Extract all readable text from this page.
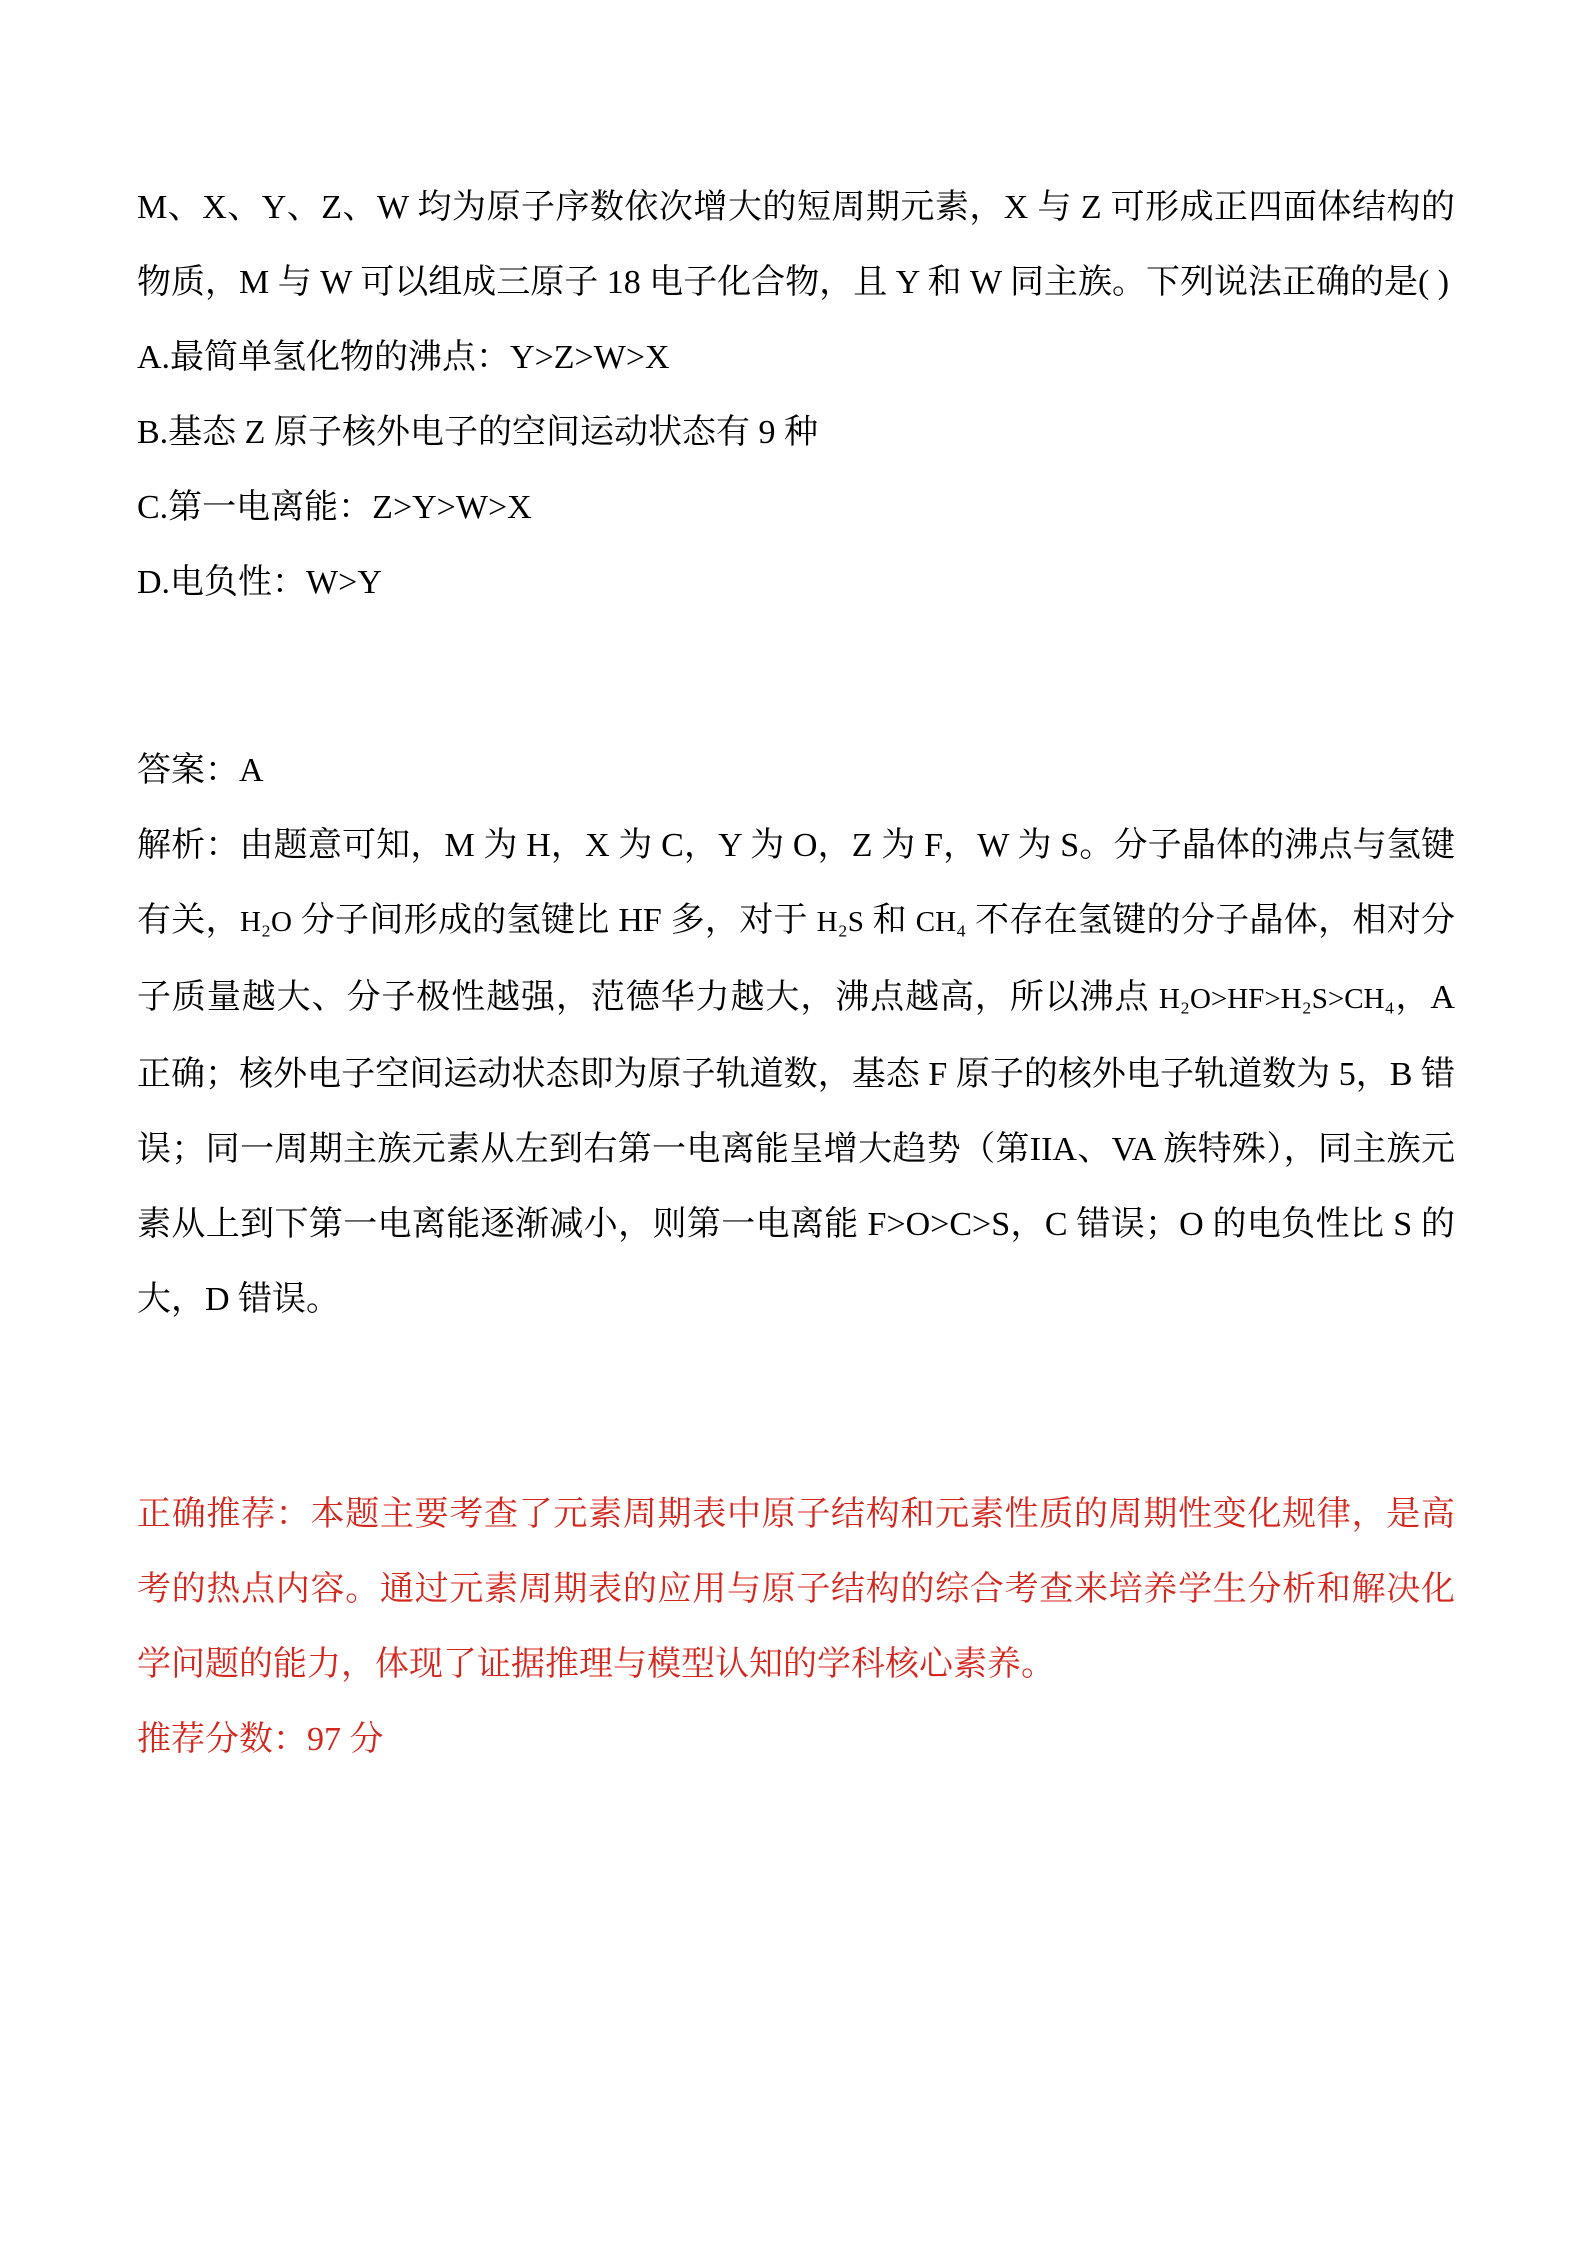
M、X、Y、Z、W 均为原子序数依次增大的短周期元素，X 与 Z 可形成正四面体结构的物质，M 与 W 可以组成三原子 18 电子化合物，且 Y 和 W 同主族。下列说法正确的是( )

A.最简单氢化物的沸点：Y>Z>W>X

B.基态 Z 原子核外电子的空间运动状态有 9 种

C.第一电离能：Z>Y>W>X

D.电负性：W>Y

答案：A

解析：由题意可知，M 为 H，X 为 C，Y 为 O，Z 为 F，W 为 S。分子晶体的沸点与氢键有关，H₂O 分子间形成的氢键比 HF 多，对于 H₂S 和 CH₄ 不存在氢键的分子晶体，相对分子质量越大、分子极性越强，范德华力越大，沸点越高，所以沸点 H₂O>HF>H₂S>CH₄，A 正确；核外电子空间运动状态即为原子轨道数，基态 F 原子的核外电子轨道数为 5，B 错误；同一周期主族元素从左到右第一电离能呈增大趋势（第IIA、VA 族特殊），同主族元素从上到下第一电离能逐渐减小，则第一电离能 F>O>C>S，C 错误；O 的电负性比 S 的大，D 错误。

正确推荐：本题主要考查了元素周期表中原子结构和元素性质的周期性变化规律，是高考的热点内容。通过元素周期表的应用与原子结构的综合考查来培养学生分析和解决化学问题的能力，体现了证据推理与模型认知的学科核心素养。

推荐分数：97 分
